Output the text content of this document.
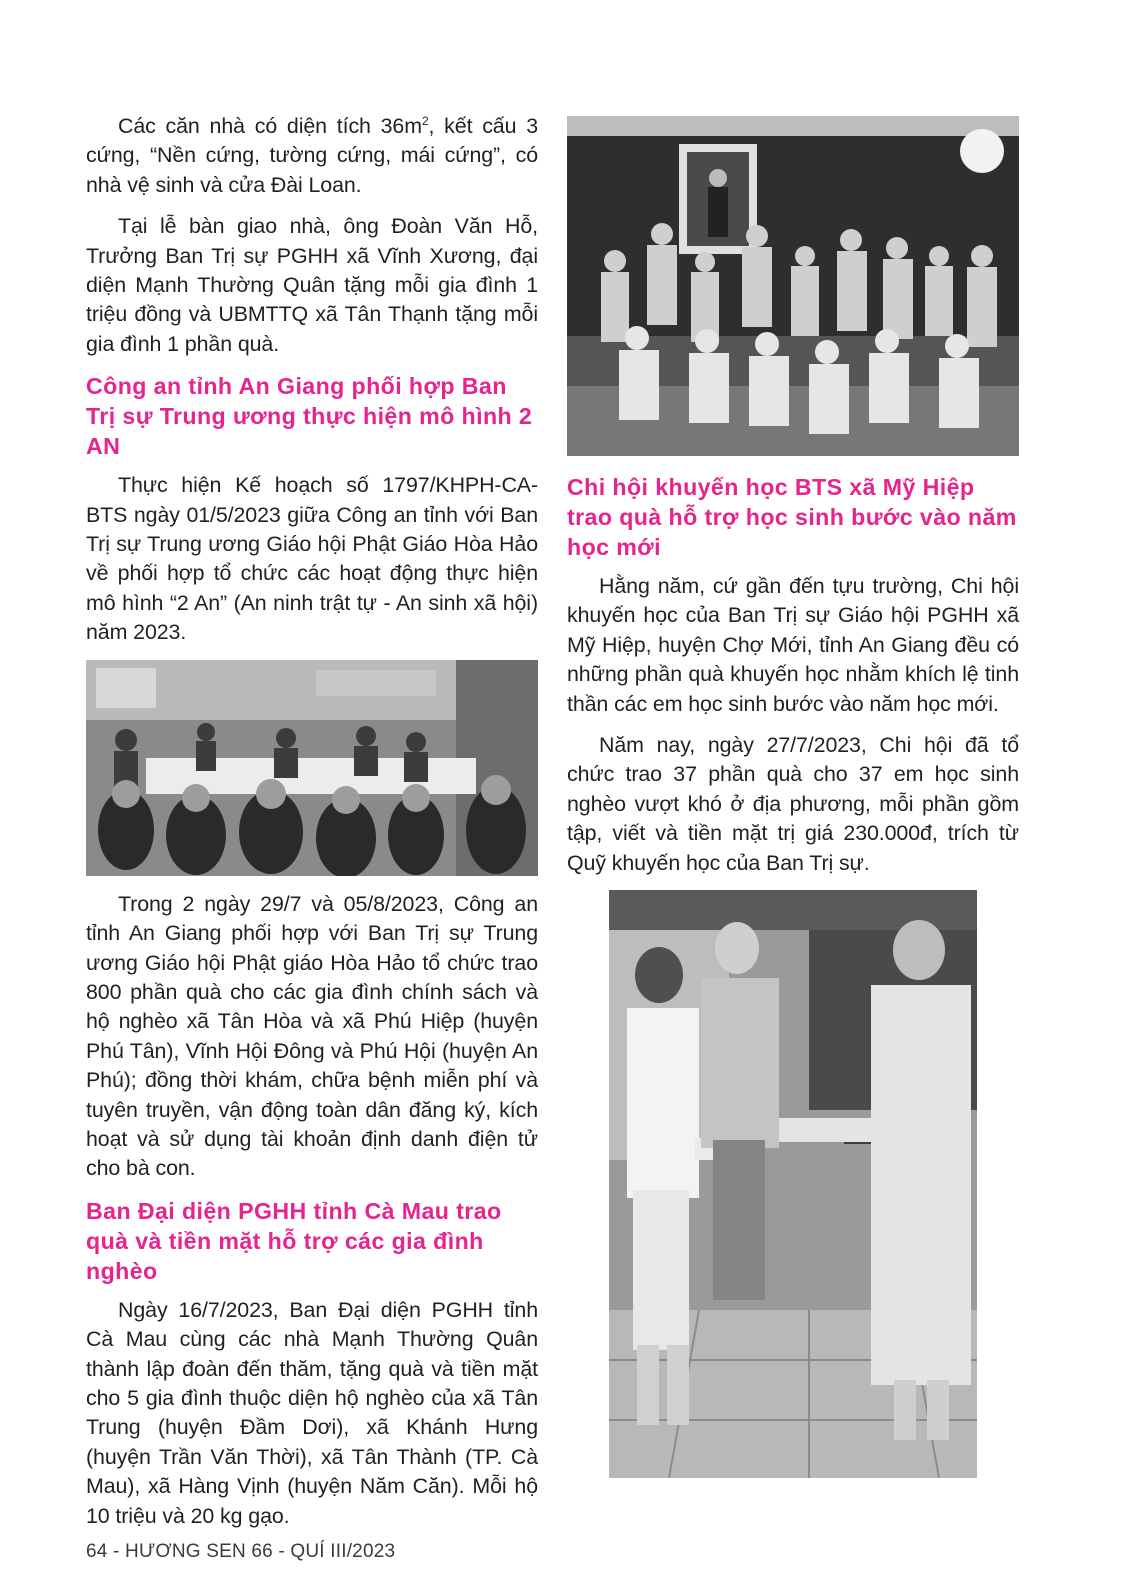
Các căn nhà có diện tích $36m^2$, kết cấu 3 cứng, “Nền cứng, tường cứng, mái cứng”, có nhà vệ sinh và cửa Đài Loan.

Tại lễ bàn giao nhà, ông Đoàn Văn Hỗ, Trưởng Ban Trị sự PGHH xã Vĩnh Xương, đại diện Mạnh Thường Quân tặng mỗi gia đình 1 triệu đồng và UBMTTQ xã Tân Thạnh tặng mỗi gia đình 1 phần quà.

Công an tỉnh An Giang phối hợp Ban Trị sự Trung ương thực hiện mô hình 2 AN

Thực hiện Kế hoạch số 1797/KHPH-CA-BTS ngày 01/5/2023 giữa Công an tỉnh với Ban Trị sự Trung ương Giáo hội Phật Giáo Hòa Hảo về phối hợp tổ chức các hoạt động thực hiện mô hình “2 An” (An ninh trật tự - An sinh xã hội) năm 2023.

Trong 2 ngày 29/7 và 05/8/2023, Công an tỉnh An Giang phối hợp với Ban Trị sự Trung ương Giáo hội Phật giáo Hòa Hảo tổ chức trao 800 phần quà cho các gia đình chính sách và hộ nghèo xã Tân Hòa và xã Phú Hiệp (huyện Phú Tân), Vĩnh Hội Đông và Phú Hội (huyện An Phú); đồng thời khám, chữa bệnh miễn phí và tuyên truyền, vận động toàn dân đăng ký, kích hoạt và sử dụng tài khoản định danh điện tử cho bà con.

Ban Đại diện PGHH tỉnh Cà Mau trao quà và tiền mặt hỗ trợ các gia đình nghèo

Ngày 16/7/2023, Ban Đại diện PGHH tỉnh Cà Mau cùng các nhà Mạnh Thường Quân thành lập đoàn đến thăm, tặng quà và tiền mặt cho 5 gia đình thuộc diện hộ nghèo của xã Tân Trung (huyện Đầm Dơi), xã Khánh Hưng (huyện Trần Văn Thời), xã Tân Thành (TP. Cà Mau), xã Hàng Vịnh (huyện Năm Căn). Mỗi hộ 10 triệu và 20 kg gạo.

Chi hội khuyến học BTS xã Mỹ Hiệp trao quà hỗ trợ học sinh bước vào năm học mới

Hằng năm, cứ gần đến tựu trường, Chi hội khuyến học của Ban Trị sự Giáo hội PGHH xã Mỹ Hiệp, huyện Chợ Mới, tỉnh An Giang đều có những phần quà khuyến học nhằm khích lệ tinh thần các em học sinh bước vào năm học mới.

Năm nay, ngày 27/7/2023, Chi hội đã tổ chức trao 37 phần quà cho 37 em học sinh nghèo vượt khó ở địa phương, mỗi phần gồm tập, viết và tiền mặt trị giá 230.000đ, trích từ Quỹ khuyến học của Ban Trị sự.

64 - HƯƠNG SEN 66 - QUÍ III/2023
